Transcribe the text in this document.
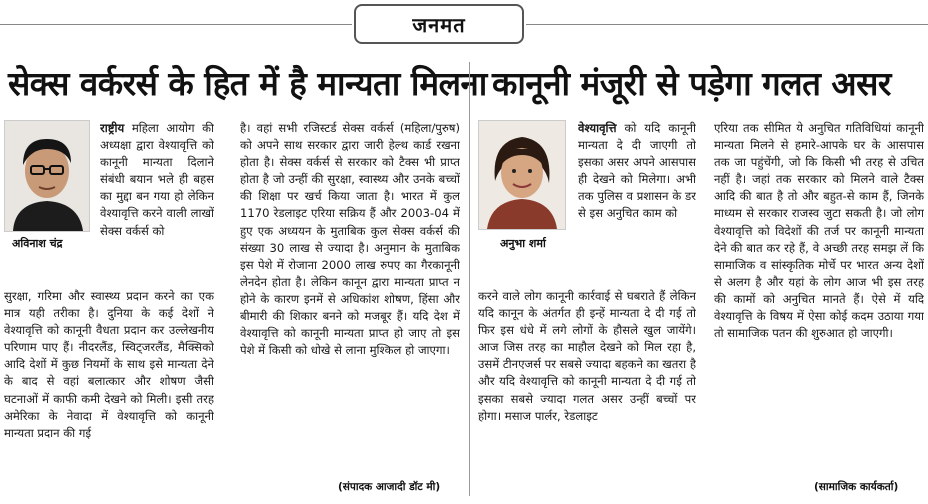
जनमत
सेक्स वर्करर्स के हित में है मान्यता मिलना कानूनी मंजूरी से पड़ेगा गलत असर
अविनाश चंद्र

राष्ट्रीय महिला आयोग की अध्यक्षा द्वारा वेश्यावृत्ति को कानूनी मान्यता दिलाने संबंधी बयान भले ही बहस का मुद्दा बन गया हो लेकिन वेश्यावृत्ति करने वाली लाखों सेक्स वर्कर्स को

सुरक्षा, गरिमा और स्वास्थ्य प्रदान करने का एक मात्र यही तरीका है। दुनिया के कई देशों ने वेश्यावृत्ति को कानूनी वैधता प्रदान कर उल्लेखनीय परिणाम पाए हैं। नीदरलैंड, स्विट्जरलैंड, मैक्सिको आदि देशों में कुछ नियमों के साथ इसे मान्यता देने के बाद से वहां बलात्कार और शोषण जैसी घटनाओं में काफी कमी देखने को मिली। इसी तरह अमेरिका के नेवादा में वेश्यावृत्ति को कानूनी मान्यता प्रदान की गई
है। वहां सभी रजिस्टर्ड सेक्स वर्कर्स (महिला/पुरुष) को अपने साथ सरकार द्वारा जारी हेल्थ कार्ड रखना होता है। सेक्स वर्कर्स से सरकार को टैक्स भी प्राप्त होता है जो उन्हीं की सुरक्षा, स्वास्थ्य और उनके बच्चों की शिक्षा पर खर्च किया जाता है। भारत में कुल 1170 रेडलाइट एरिया सक्रिय हैं और 2003-04 में हुए एक अध्ययन के मुताबिक कुल सेक्स वर्कर्स की संख्या 30 लाख से ज्यादा है। अनुमान के मुताबिक इस पेशे में रोजाना 2000 लाख रुपए का गैरकानूनी लेनदेन होता है। लेकिन कानून द्वारा मान्यता प्राप्त न होने के कारण इनमें से अधिकांश शोषण, हिंसा और बीमारी की शिकार बनने को मजबूर हैं। यदि देश में वेश्यावृत्ति को कानूनी मान्यता प्राप्त हो जाए तो इस पेशे में किसी को धोखे से लाना मुश्किल हो जाएगा।
(संपादक आजादी डॉट मी)
अनुभा शर्मा

वेश्यावृत्ति को यदि कानूनी मान्यता दे दी जाएगी तो इसका असर अपने आसपास ही देखने को मिलेगा। अभी तक पुलिस व प्रशासन के डर से इस अनुचित काम को

करने वाले लोग कानूनी कार्रवाई से घबराते हैं लेकिन यदि कानून के अंतर्गत ही इन्हें मान्यता दे दी गई तो फिर इस धंधे में लगे लोगों के हौसले खुल जायेंगे। आज जिस तरह का माहौल देखने को मिल रहा है, उसमें टीनएजर्स पर सबसे ज्यादा बहकने का खतरा है और यदि वेश्यावृत्ति को कानूनी मान्यता दे दी गई तो इसका सबसे ज्यादा गलत असर उन्हीं बच्चों पर होगा। मसाज पार्लर, रेडलाइट
एरिया तक सीमित ये अनुचित गतिविधियां कानूनी मान्यता मिलने से हमारे-आपके घर के आसपास तक जा पहुंचेंगी, जो कि किसी भी तरह से उचित नहीं है। जहां तक सरकार को मिलने वाले टैक्स आदि की बात है तो और बहुत-से काम हैं, जिनके माध्यम से सरकार राजस्व जुटा सकती है। जो लोग वेश्यावृत्ति को विदेशों की तर्ज पर कानूनी मान्यता देने की बात कर रहे हैं, वे अच्छी तरह समझ लें कि सामाजिक व सांस्कृतिक मोर्चे पर भारत अन्य देशों से अलग है और यहां के लोग आज भी इस तरह की कामों को अनुचित मानते हैं। ऐसे में यदि वेश्यावृत्ति के विषय में ऐसा कोई कदम उठाया गया तो सामाजिक पतन की शुरुआत हो जाएगी।
(सामाजिक कार्यकर्ता)
